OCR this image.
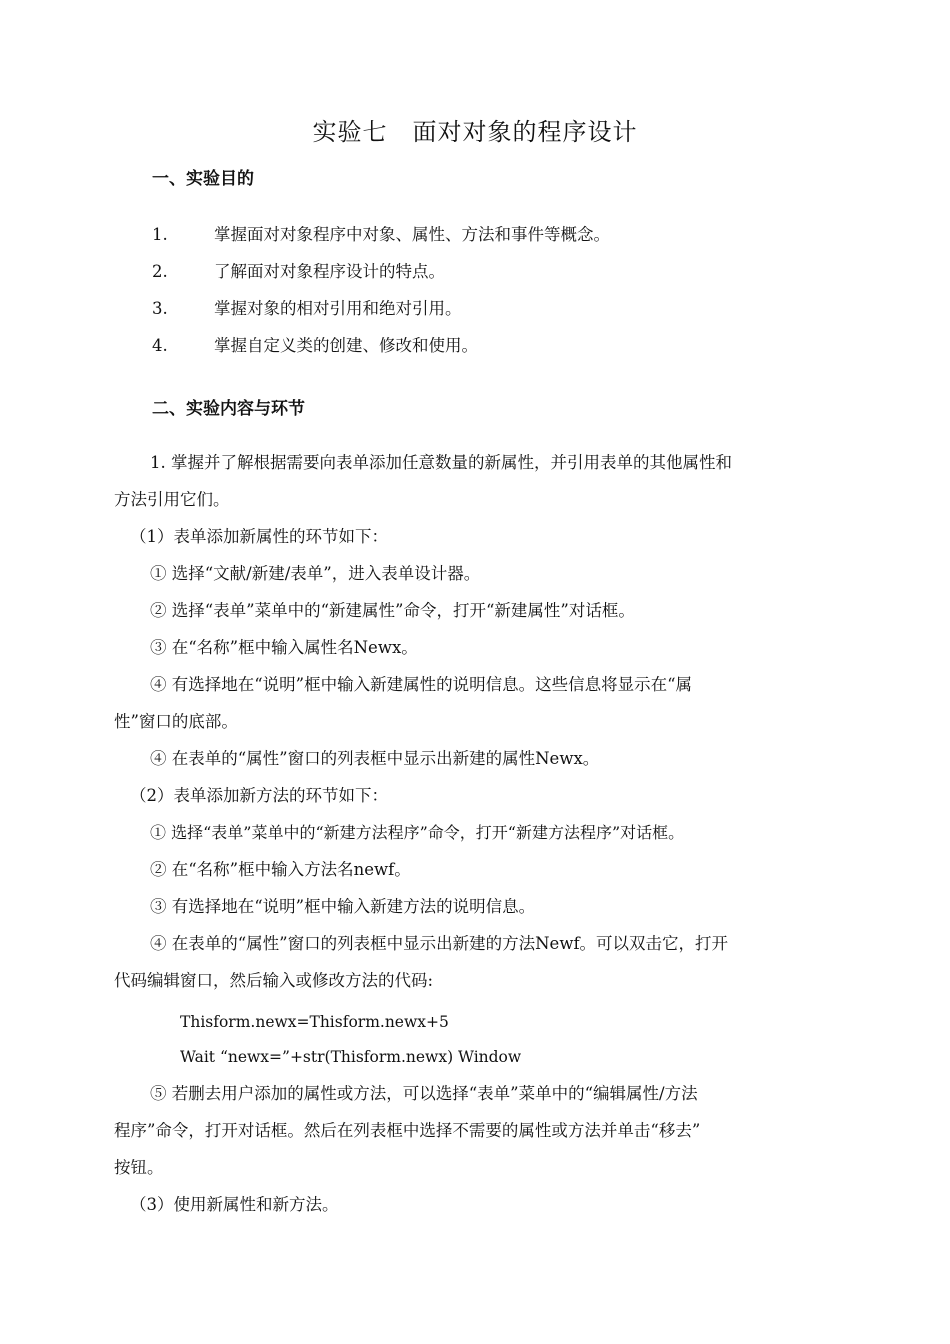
实验七　面对对象的程序设计
一、实验目的
1.	掌握面对对象程序中对象、属性、方法和事件等概念。
2.	了解面对对象程序设计的特点。
3.	掌握对象的相对引用和绝对引用。
4.	掌握自定义类的创建、修改和使用。
二、实验内容与环节
1. 掌握并了解根据需要向表单添加任意数量的新属性，并引用表单的其他属性和
方法引用它们。
（1）表单添加新属性的环节如下：
① 选择“文献/新建/表单”，进入表单设计器。
② 选择“表单”菜单中的“新建属性”命令，打开“新建属性”对话框。
③ 在“名称”框中输入属性名Newx。
④ 有选择地在“说明”框中输入新建属性的说明信息。这些信息将显示在“属
性”窗口的底部。
④ 在表单的“属性”窗口的列表框中显示出新建的属性Newx。
（2）表单添加新方法的环节如下：
① 选择“表单”菜单中的“新建方法程序”命令，打开“新建方法程序”对话框。
② 在“名称”框中输入方法名newf。
③ 有选择地在“说明”框中输入新建方法的说明信息。
④ 在表单的“属性”窗口的列表框中显示出新建的方法Newf。可以双击它，打开
代码编辑窗口，然后输入或修改方法的代码:
Thisform.newx=Thisform.newx+5
Wait “newx=”+str(Thisform.newx) Window
⑤ 若删去用户添加的属性或方法，可以选择“表单”菜单中的“编辑属性/方法
程序”命令，打开对话框。然后在列表框中选择不需要的属性或方法并单击“移去”
按钮。
（3）使用新属性和新方法。
